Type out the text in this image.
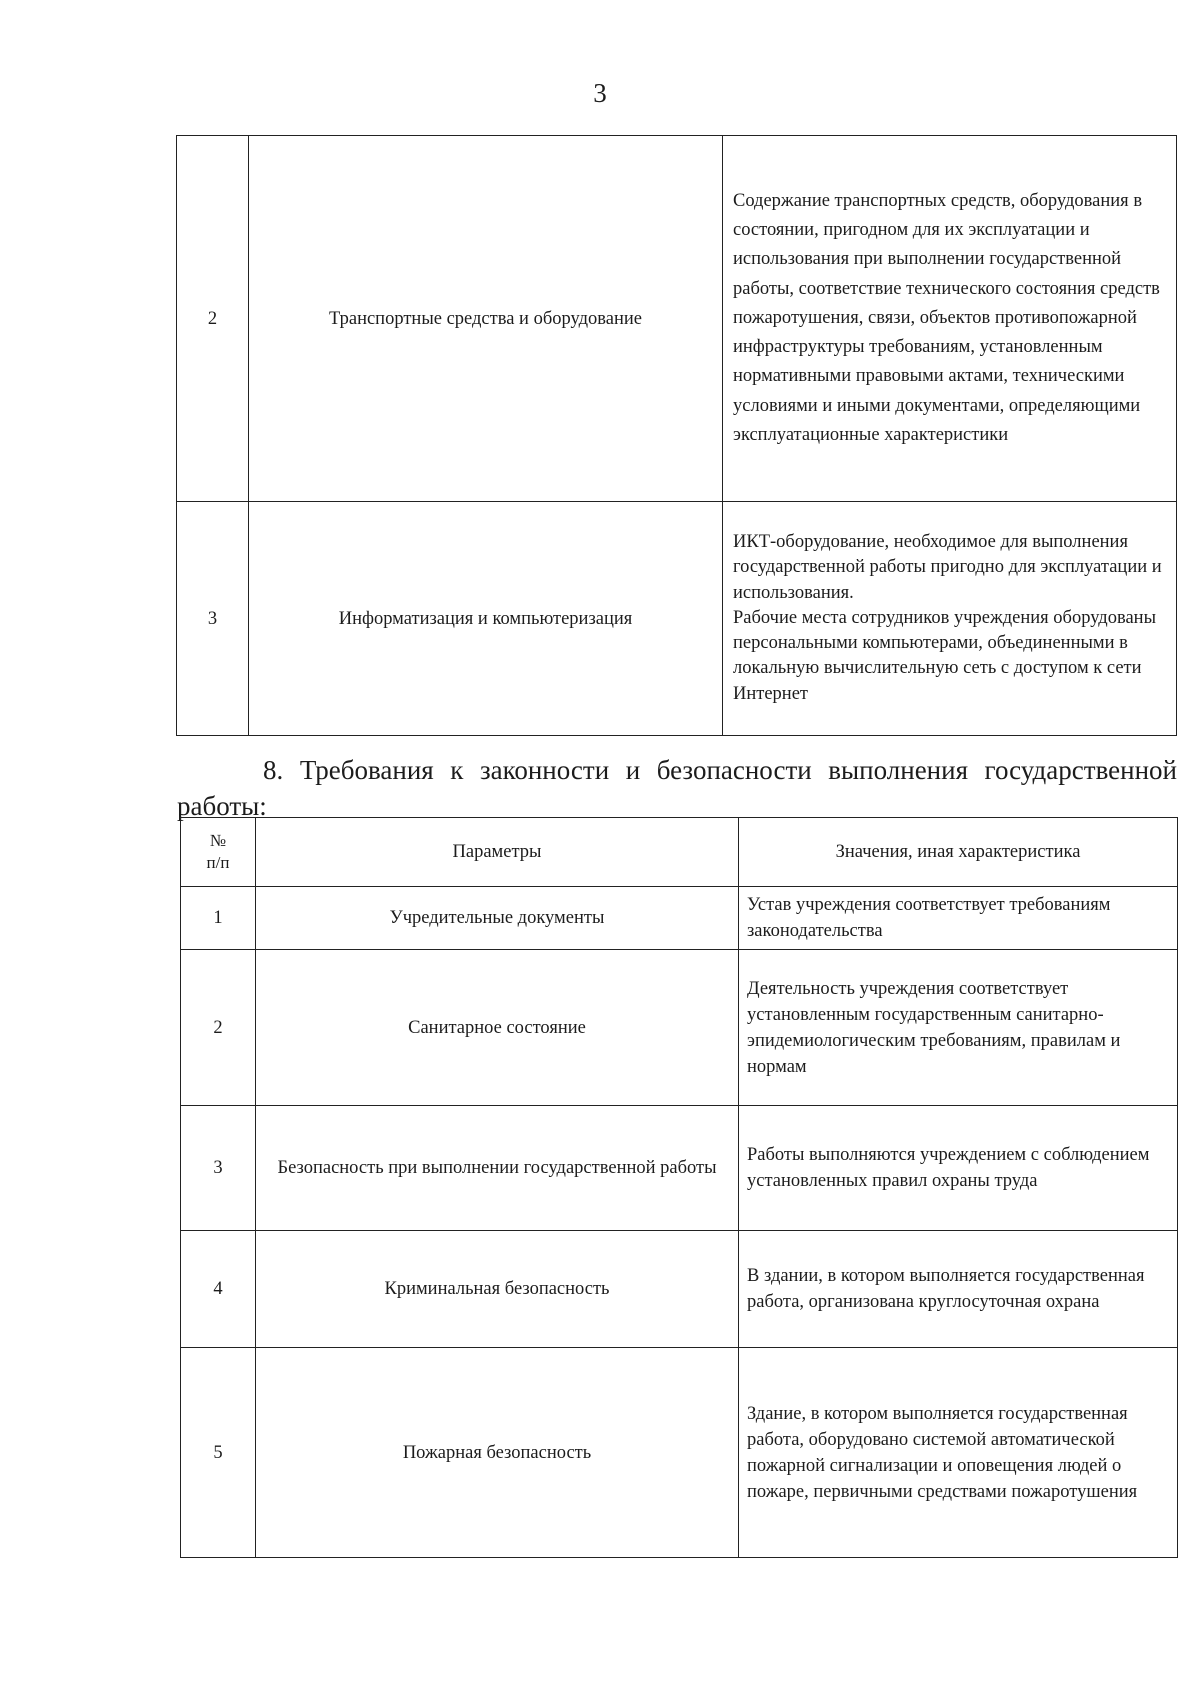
3
2	Транспортные средства и оборудование	Содержание транспортных средств, оборудования в состоянии, пригодном для их эксплуатации и использования при выполнении государственной работы, соответствие технического состояния средств пожаротушения, связи, объектов противопожарной инфраструктуры требованиям, установленным нормативными правовыми актами, техническими условиями и иными документами, определяющими эксплуатационные характеристики
3	Информатизация и компьютеризация	ИКТ-оборудование, необходимое для выполнения государственной работы пригодно для эксплуатации и использования.
Рабочие места сотрудников учреждения оборудованы персональными компьютерами, объединенными в локальную вычислительную сеть с доступом к сети Интернет
8. Требования к законности и безопасности выполнения государственной работы:
№
п/п	Параметры	Значения, иная характеристика
1	Учредительные документы	Устав учреждения соответствует требованиям законодательства
2	Санитарное состояние	Деятельность учреждения соответствует установленным государственным санитарно-эпидемиологическим требованиям, правилам и нормам
3	Безопасность при выполнении государственной работы	Работы выполняются учреждением с соблюдением установленных правил охраны труда
4	Криминальная безопасность	В здании, в котором выполняется государственная работа, организована круглосуточная охрана
5	Пожарная безопасность	Здание, в котором выполняется государственная работа, оборудовано системой автоматической пожарной сигнализации и оповещения людей о пожаре, первичными средствами пожаротушения
